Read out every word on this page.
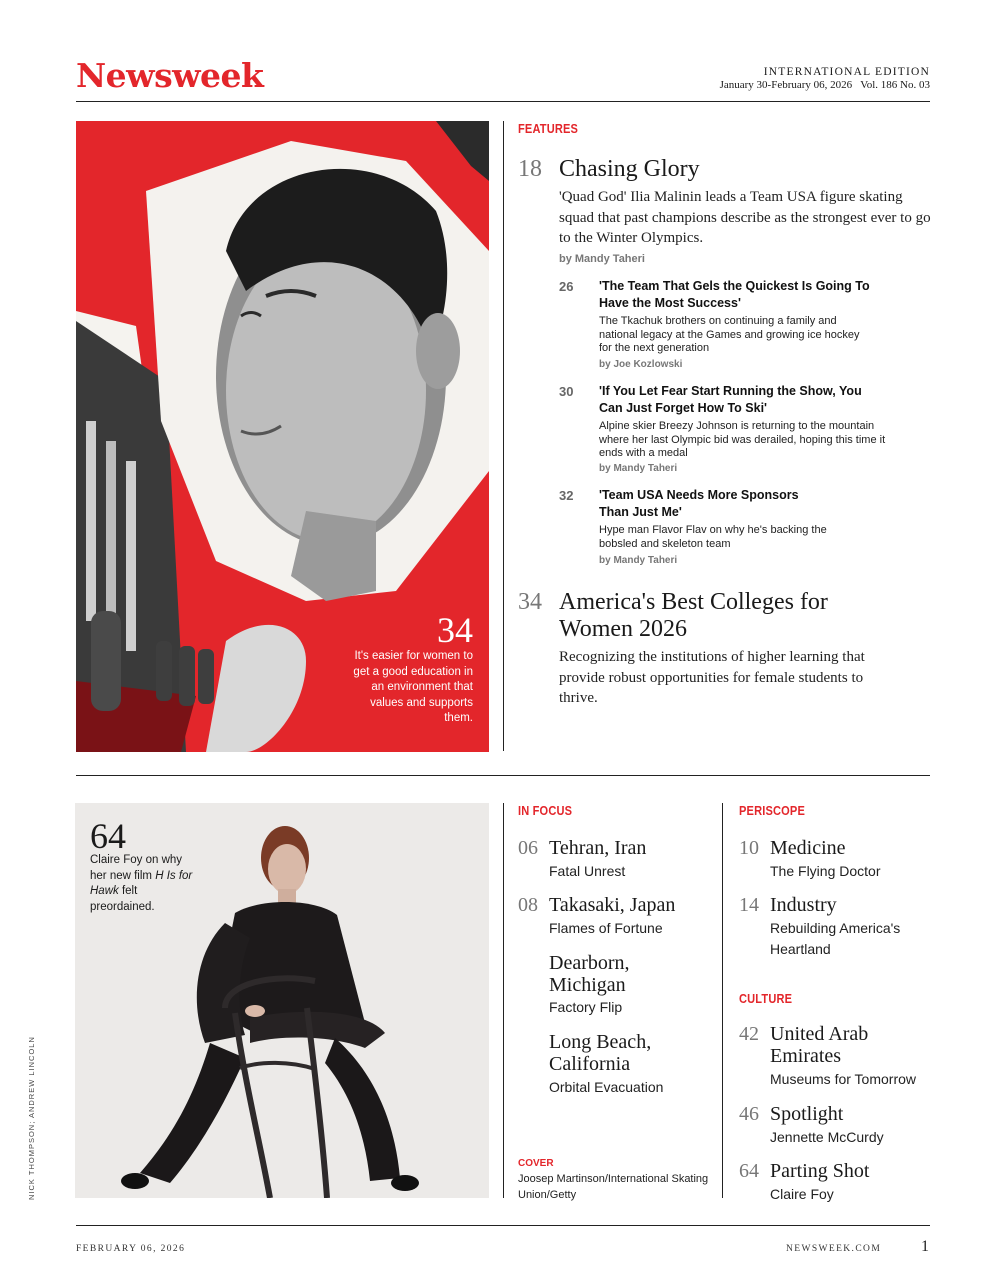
Newsweek	INTERNATIONAL EDITION
January 30-February 06, 2026   Vol. 186 No. 03
34
It's easier for women to get a good education in an environment that values and supports them.
FEATURES
18 Chasing Glory
'Quad God' Ilia Malinin leads a Team USA figure skating squad that past champions describe as the strongest ever to go to the Winter Olympics.
by Mandy Taheri
26 'The Team That Gels the Quickest Is Going To Have the Most Success'
The Tkachuk brothers on continuing a family and national legacy at the Games and growing ice hockey for the next generation
by Joe Kozlowski
30 'If You Let Fear Start Running the Show, You Can Just Forget How To Ski'
Alpine skier Breezy Johnson is returning to the mountain where her last Olympic bid was derailed, hoping this time it ends with a medal
by Mandy Taheri
32 'Team USA Needs More Sponsors Than Just Me'
Hype man Flavor Flav on why he's backing the bobsled and skeleton team
by Mandy Taheri
34 America's Best Colleges for Women 2026
Recognizing the institutions of higher learning that provide robust opportunities for female students to thrive.
64
Claire Foy on why her new film H Is for Hawk felt preordained.
NICK THOMPSON; ANDREW LINCOLN
IN FOCUS
06 Tehran, Iran
Fatal Unrest
08 Takasaki, Japan
Flames of Fortune
Dearborn, Michigan
Factory Flip
Long Beach, California
Orbital Evacuation
COVER
Joosep Martinson/International Skating Union/Getty
PERISCOPE
10 Medicine
The Flying Doctor
14 Industry
Rebuilding America's Heartland
CULTURE
42 United Arab Emirates
Museums for Tomorrow
46 Spotlight
Jennette McCurdy
64 Parting Shot
Claire Foy
FEBRUARY 06, 2026	NEWSWEEK.COM 1
